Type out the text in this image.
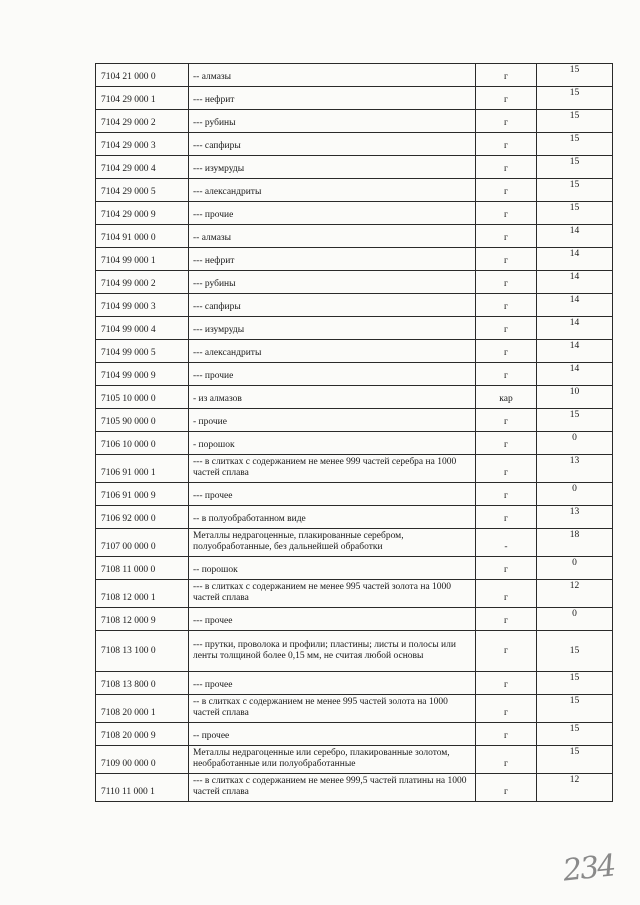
7104 21 000 0	-- алмазы	г	15
7104 29 000 1	--- нефрит	г	15
7104 29 000 2	--- рубины	г	15
7104 29 000 3	--- сапфиры	г	15
7104 29 000 4	--- изумруды	г	15
7104 29 000 5	--- александриты	г	15
7104 29 000 9	--- прочие	г	15
7104 91 000 0	-- алмазы	г	14
7104 99 000 1	--- нефрит	г	14
7104 99 000 2	--- рубины	г	14
7104 99 000 3	--- сапфиры	г	14
7104 99 000 4	--- изумруды	г	14
7104 99 000 5	--- александриты	г	14
7104 99 000 9	--- прочие	г	14
7105 10 000 0	- из алмазов	кар	10
7105 90 000 0	- прочие	г	15
7106 10 000 0	- порошок	г	0
7106 91 000 1	--- в слитках с содержанием не менее 999 частей серебра на 1000 частей сплава	г	13
7106 91 000 9	--- прочее	г	0
7106 92 000 0	-- в полуобработанном виде	г	13
7107 00 000 0	Металлы недрагоценные, плакированные серебром, полуобработанные, без дальнейшей обработки	-	18
7108 11 000 0	-- порошок	г	0
7108 12 000 1	--- в слитках с содержанием не менее 995 частей золота на 1000 частей сплава	г	12
7108 12 000 9	--- прочее	г	0
7108 13 100 0	--- прутки, проволока и профили; пластины; листы и полосы или ленты толщиной более 0,15 мм, не считая любой основы	г	15
7108 13 800 0	--- прочее	г	15
7108 20 000 1	-- в слитках с содержанием не менее 995 частей золота на 1000 частей сплава	г	15
7108 20 000 9	-- прочее	г	15
7109 00 000 0	Металлы недрагоценные или серебро, плакированные золотом, необработанные или полуобработанные	г	15
7110 11 000 1	--- в слитках с содержанием не менее 999,5 частей платины на 1000 частей сплава	г	12
234
